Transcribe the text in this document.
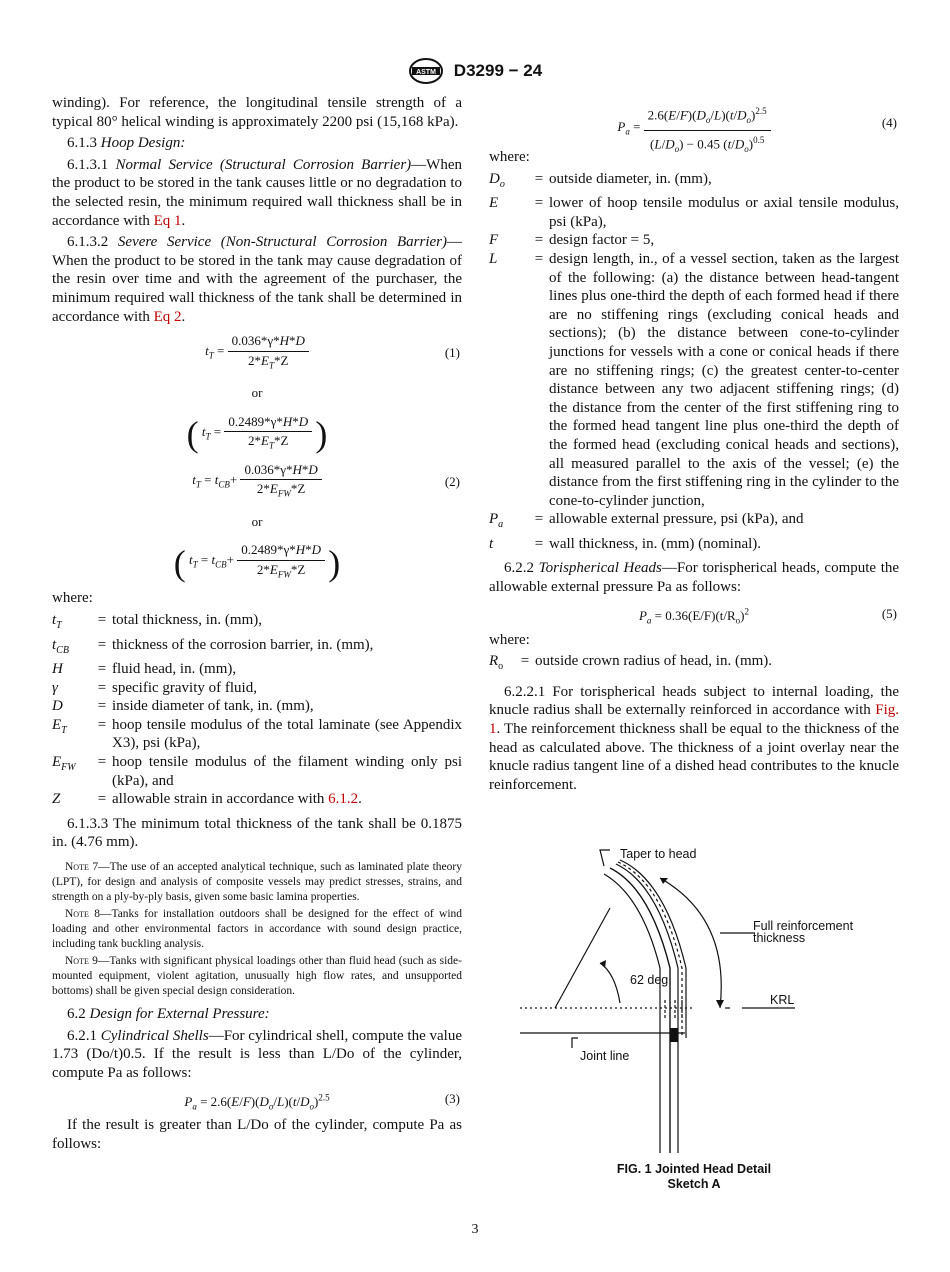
ASTM D3299 − 24

winding). For reference, the longitudinal tensile strength of a typical 80° helical winding is approximately 2200 psi (15,168 kPa).

6.1.3 Hoop Design:

6.1.3.1 Normal Service (Structural Corrosion Barrier)—When the product to be stored in the tank causes little or no degradation to the selected resin, the minimum required wall thickness shall be in accordance with Eq 1.

6.1.3.2 Severe Service (Non-Structural Corrosion Barrier)—When the product to be stored in the tank may cause degradation of the resin over time and with the agreement of the purchaser, the minimum required wall thickness of the tank shall be determined in accordance with Eq 2.

$t_T = \frac{0.036*\gamma*H*D}{2*E_T*Z}$	(1)
or
( $t_T = \frac{0.2489*\gamma*H*D}{2*E_T*Z}$ )
$t_T = t_{CB}+ \frac{0.036*\gamma*H*D}{2*E_{FW}*Z}$	(2)
or
( $t_T = t_{CB}+ \frac{0.2489*\gamma*H*D}{2*E_{FW}*Z}$ )

where:

$t_T$	=	total thickness, in. (mm),
$t_{CB}$	=	thickness of the corrosion barrier, in. (mm),
H	=	fluid head, in. (mm),
γ	=	specific gravity of fluid,
D	=	inside diameter of tank, in. (mm),
$E_T$	=	hoop tensile modulus of the total laminate (see Appendix X3), psi (kPa),
$E_{FW}$	=	hoop tensile modulus of the filament winding only psi (kPa), and
Z	=	allowable strain in accordance with 6.1.2.

6.1.3.3 The minimum total thickness of the tank shall be 0.1875 in. (4.76 mm).

Note 7—The use of an accepted analytical technique, such as laminated plate theory (LPT), for design and analysis of composite vessels may predict stresses, strains, and strength on a ply-by-ply basis, given some basic lamina properties.

Note 8—Tanks for installation outdoors shall be designed for the effect of wind loading and other environmental factors in accordance with sound design practice, including tank buckling analysis.

Note 9—Tanks with significant physical loadings other than fluid head (such as side-mounted equipment, violent agitation, unusually high flow rates, and unsupported bottoms) shall be given special design consideration.

6.2 Design for External Pressure:

6.2.1 Cylindrical Shells—For cylindrical shell, compute the value 1.73 (Do/t)0.5. If the result is less than L/Do of the cylinder, compute Pa as follows:

$P_a = 2.6(E/F)(D_o/L)(t/D_o)^{2.5}$	(3)

If the result is greater than L/Do of the cylinder, compute Pa as follows:

$P_a = \frac{2.6(E/F)(D_o/L)(t/D_o)^{2.5}}{(L/D_o) - 0.45 (t/D_o)^{0.5}}$	(4)

where:

$D_o$	=	outside diameter, in. (mm),
E	=	lower of hoop tensile modulus or axial tensile modulus, psi (kPa),
F	=	design factor = 5,
L	=	design length, in., of a vessel section, taken as the largest of the following: (a) the distance between head-tangent lines plus one-third the depth of each formed head if there are no stiffening rings (excluding conical heads and sections); (b) the distance between cone-to-cylinder junctions for vessels with a cone or conical heads if there are no stiffening rings; (c) the greatest center-to-center distance between any two adjacent stiffening rings; (d) the distance from the center of the first stiffening ring to the formed head tangent line plus one-third the depth of the formed head (excluding conical heads and sections), all measured parallel to the axis of the vessel; (e) the distance from the first stiffening ring in the cylinder to the cone-to-cylinder junction,
$P_a$	=	allowable external pressure, psi (kPa), and
t	=	wall thickness, in. (mm) (nominal).

6.2.2 Torispherical Heads—For torispherical heads, compute the allowable external pressure Pa as follows:

$P_a = 0.36(E/F)(t/R_o)^2$	(5)

where:

$R_o$	=	outside crown radius of head, in. (mm).

6.2.2.1 For torispherical heads subject to internal loading, the knucle radius shall be externally reinforced in accordance with Fig. 1. The reinforcement thickness shall be equal to the thickness of the head as calculated above. The thickness of a joint overlay near the knucle radius tangent line of a dished head contributes to the knucle reinforcement.

Taper to head
Full reinforcement
thickness
62 deg.
KRL
Joint line
FIG. 1 Jointed Head Detail
Sketch A
3
